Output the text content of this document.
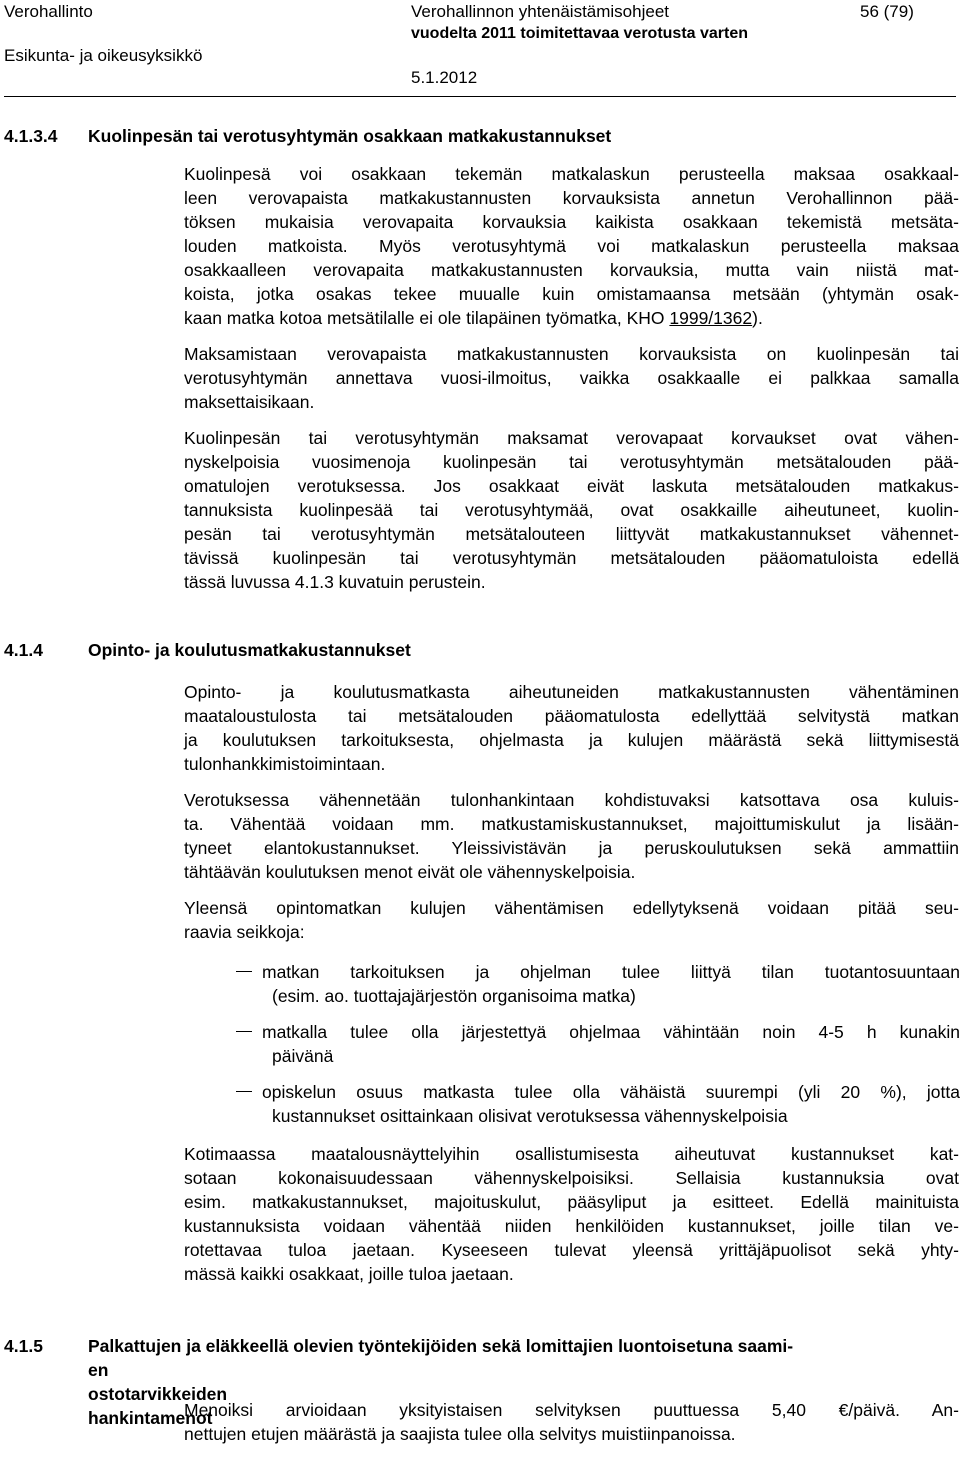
Verohallinto
Esikunta- ja oikeusyksikkö
Verohallinnon yhtenäistämisohjeet
vuodelta 2011 toimitettavaa verotusta varten
5.1.2012
56 (79)
4.1.3.4 Kuolinpesän tai verotusyhtymän osakkaan matkakustannukset
Kuolinpesä voi osakkaan tekemän matkalaskun perusteella maksaa osakkaal-
leen verovapaista matkakustannusten korvauksista annetun Verohallinnon pää-
töksen mukaisia verovapaita korvauksia kaikista osakkaan tekemistä metsäta-
louden matkoista. Myös verotusyhtymä voi matkalaskun perusteella maksaa
osakkaalleen verovapaita matkakustannusten korvauksia, mutta vain niistä mat-
koista, jotka osakas tekee muualle kuin omistamaansa metsään (yhtymän osak-
kaan matka kotoa metsätilalle ei ole tilapäinen työmatka, KHO 1999/1362).
Maksamistaan verovapaista matkakustannusten korvauksista on kuolinpesän tai
verotusyhtymän annettava vuosi-ilmoitus, vaikka osakkaalle ei palkkaa samalla
maksettaisikaan.
Kuolinpesän tai verotusyhtymän maksamat verovapaat korvaukset ovat vähen-
nyskelpoisia vuosimenoja kuolinpesän tai verotusyhtymän metsätalouden pää-
omatulojen verotuksessa. Jos osakkaat eivät laskuta metsätalouden matkakus-
tannuksista kuolinpesää tai verotusyhtymää, ovat osakkaille aiheutuneet, kuolin-
pesän tai verotusyhtymän metsätalouteen liittyvät matkakustannukset vähennet-
tävissä kuolinpesän tai verotusyhtymän metsätalouden pääomatuloista edellä
tässä luvussa 4.1.3 kuvatuin perustein.
4.1.4	Opinto- ja koulutusmatkakustannukset
Opinto- ja koulutusmatkasta aiheutuneiden matkakustannusten vähentäminen
maataloustulosta tai metsätalouden pääomatulosta edellyttää selvitystä matkan
ja koulutuksen tarkoituksesta, ohjelmasta ja kulujen määrästä sekä liittymisestä
tulonhankkimistoimintaan.
Verotuksessa vähennetään tulonhankintaan kohdistuvaksi katsottava osa kuluis-
ta. Vähentää voidaan mm. matkustamiskustannukset, majoittumiskulut ja lisään-
tyneet elantokustannukset. Yleissivistävän ja peruskoulutuksen sekä ammattiin
tähtäävän koulutuksen menot eivät ole vähennyskelpoisia.
Yleensä opintomatkan kulujen vähentämisen edellytyksenä voidaan pitää seu-
raavia seikkoja:
matkan tarkoituksen ja ohjelman tulee liittyä tilan tuotantosuuntaan
(esim. ao. tuottajajärjestön organisoima matka)
matkalla tulee olla järjestettyä ohjelmaa vähintään noin 4-5 h kunakin
päivänä
opiskelun osuus matkasta tulee olla vähäistä suurempi (yli 20 %), jotta
kustannukset osittainkaan olisivat verotuksessa vähennyskelpoisia
Kotimaassa maatalousnäyttelyihin osallistumisesta aiheutuvat kustannukset kat-
sotaan kokonaisuudessaan vähennyskelpoisiksi. Sellaisia kustannuksia ovat
esim. matkakustannukset, majoituskulut, pääsyliput ja esitteet. Edellä mainituista
kustannuksista voidaan vähentää niiden henkilöiden kustannukset, joille tilan ve-
rotettavaa tuloa jaetaan. Kyseeseen tulevat yleensä yrittäjäpuolisot sekä yhty-
mässä kaikki osakkaat, joille tuloa jaetaan.
4.1.5	Palkattujen ja eläkkeellä olevien työntekijöiden sekä lomittajien luontoisetuna saami-
en ostotarvikkeiden hankintamenot
Menoiksi arvioidaan yksityistaisen selvityksen puuttuessa 5,40 €/päivä. An-
nettujen etujen määrästä ja saajista tulee olla selvitys muistiinpanoissa.
